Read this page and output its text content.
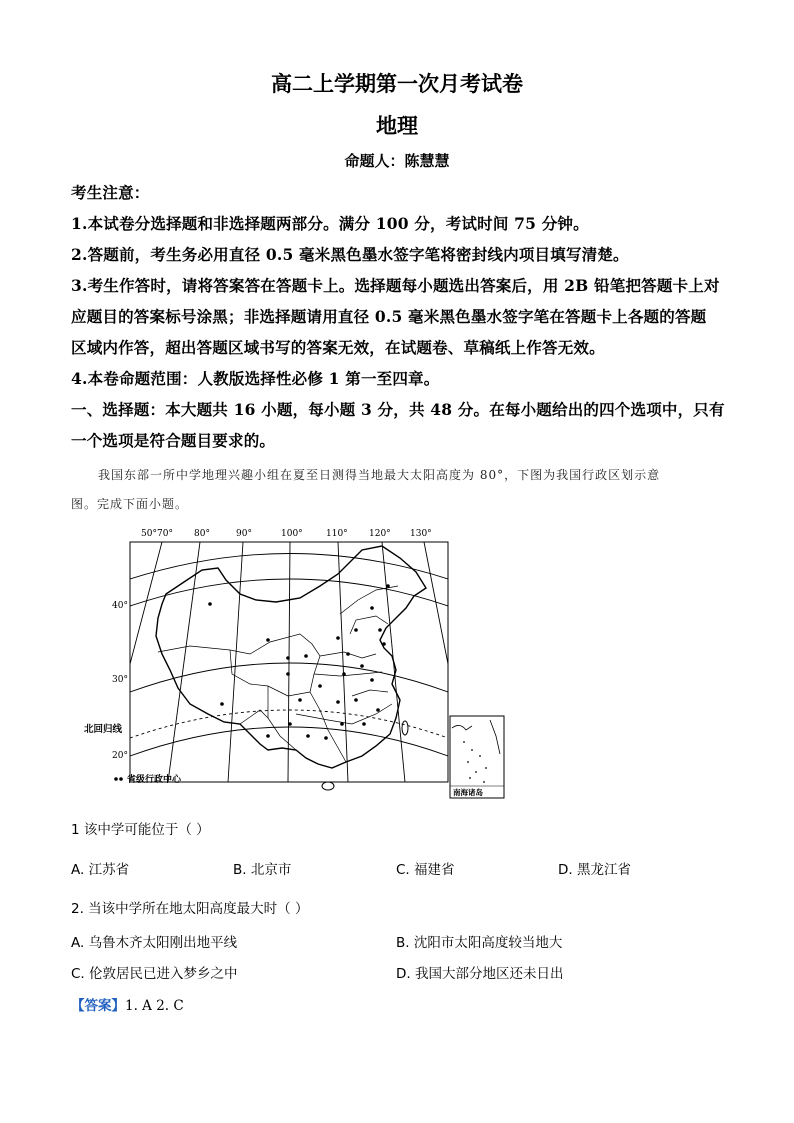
高二上学期第一次月考试卷
地理
命题人：陈慧慧
考生注意：
1.本试卷分选择题和非选择题两部分。满分 100 分，考试时间 75 分钟。
2.答题前，考生务必用直径 0.5 毫米黑色墨水签字笔将密封线内项目填写清楚。
3.考生作答时，请将答案答在答题卡上。选择题每小题选出答案后，用 2B 铅笔把答题卡上对
应题目的答案标号涂黑；非选择题请用直径 0.5 毫米黑色墨水签字笔在答题卡上各题的答题
区域内作答，超出答题区域书写的答案无效，在试题卷、草稿纸上作答无效。
4.本卷命题范围：人教版选择性必修 1 第一至四章。
一、选择题：本大题共 16 小题，每小题 3 分，共 48 分。在每小题给出的四个选项中，只有
一个选项是符合题目要求的。
我国东部一所中学地理兴趣小组在夏至日测得当地最大太阳高度为 80°，下图为我国行政区划示意
图。完成下面小题。
50° 70° 80°	90°	100°	110° 120° 130°
40°
30°
20°
北回归线
省级行政中心
南海诸岛
1 该中学可能位于（ ）
A. 江苏省	B. 北京市	C. 福建省	D. 黑龙江省
2. 当该中学所在地太阳高度最大时（ ）
A. 乌鲁木齐太阳刚出地平线	B. 沈阳市太阳高度较当地大
C. 伦敦居民已进入梦乡之中	D. 我国大部分地区还未日出
【答案】1. A 2. C
